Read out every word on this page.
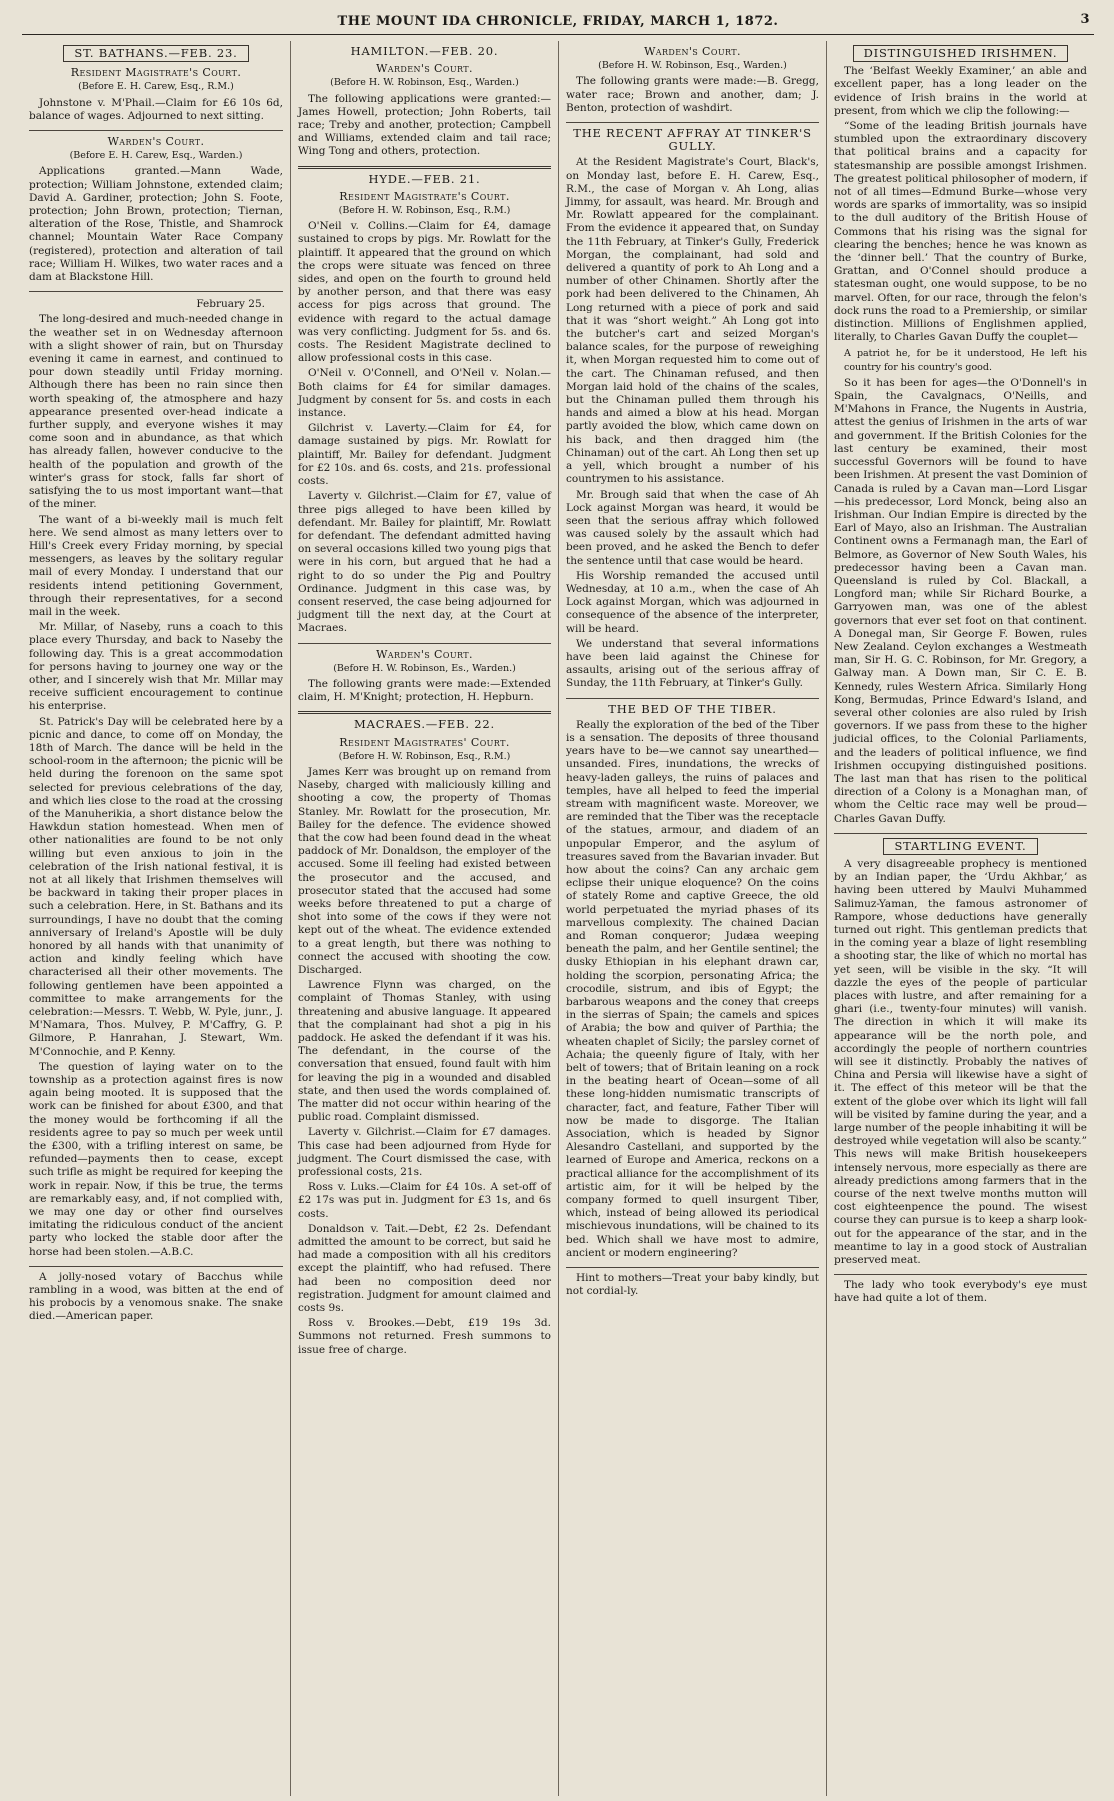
THE MOUNT IDA CHRONICLE, FRIDAY, MARCH 1, 1872.	3
ST. BATHANS.—FEB. 23.
Resident Magistrate's Court.
(Before E. H. Carew, Esq., R.M.)

Johnstone v. M'Phail.—Claim for £6 10s 6d, balance of wages. Adjourned to next sitting.

Warden's Court.
(Before E. H. Carew, Esq., Warden.)

Applications granted.—Mann Wade, protection; William Johnstone, extended claim; David A. Gardiner, protection; John S. Foote, protection; John Brown, protection; Tiernan, alteration of the Rose, Thistle, and Shamrock channel; Mountain Water Race Company (registered), protection and alteration of tail race; William H. Wilkes, two water races and a dam at Blackstone Hill.

February 25.

The long-desired and much-needed change in the weather set in on Wednesday afternoon with a slight shower of rain, but on Thursday evening it came in earnest, and continued to pour down steadily until Friday morning. Although there has been no rain since then worth speaking of, the atmosphere and hazy appearance presented over-head indicate a further supply, and everyone wishes it may come soon and in abundance, as that which has already fallen, however conducive to the health of the population and growth of the winter's grass for stock, falls far short of satisfying the to us most important want—that of the miner.

The want of a bi-weekly mail is much felt here. We send almost as many letters over to Hill's Creek every Friday morning, by special messengers, as leaves by the solitary regular mail of every Monday. I understand that our residents intend petitioning Government, through their representatives, for a second mail in the week.

Mr. Millar, of Naseby, runs a coach to this place every Thursday, and back to Naseby the following day. This is a great accommodation for persons having to journey one way or the other, and I sincerely wish that Mr. Millar may receive sufficient encouragement to continue his enterprise.

St. Patrick's Day will be celebrated here by a picnic and dance, to come off on Monday, the 18th of March. The dance will be held in the school-room in the afternoon; the picnic will be held during the forenoon on the same spot selected for previous celebrations of the day, and which lies close to the road at the crossing of the Manuherikia, a short distance below the Hawkdun station homestead. When men of other nationalities are found to be not only willing but even anxious to join in the celebration of the Irish national festival, it is not at all likely that Irishmen themselves will be backward in taking their proper places in such a celebration. Here, in St. Bathans and its surroundings, I have no doubt that the coming anniversary of Ireland's Apostle will be duly honored by all hands with that unanimity of action and kindly feeling which have characterised all their other movements. The following gentlemen have been appointed a committee to make arrangements for the celebration:—Messrs. T. Webb, W. Pyle, junr., J. M'Namara, Thos. Mulvey, P. M'Caffry, G. P. Gilmore, P. Hanrahan, J. Stewart, Wm. M'Connochie, and P. Kenny.

The question of laying water on to the township as a protection against fires is now again being mooted. It is supposed that the work can be finished for about £300, and that the money would be forthcoming if all the residents agree to pay so much per week until the £300, with a trifling interest on same, be refunded—payments then to cease, except such trifle as might be required for keeping the work in repair. Now, if this be true, the terms are remarkably easy, and, if not complied with, we may one day or other find ourselves imitating the ridiculous conduct of the ancient party who locked the stable door after the horse had been stolen.—A.B.C.

A jolly-nosed votary of Bacchus while rambling in a wood, was bitten at the end of his probocis by a venomous snake. The snake died.—American paper.

HAMILTON.—FEB. 20.
Warden's Court.
(Before H. W. Robinson, Esq., Warden.)

The following applications were granted:—James Howell, protection; John Roberts, tail race; Treby and another, protection; Campbell and Williams, extended claim and tail race; Wing Tong and others, protection.

HYDE.—FEB. 21.
Resident Magistrate's Court.
(Before H. W. Robinson, Esq., R.M.)

O'Neil v. Collins.—Claim for £4, damage sustained to crops by pigs. Mr. Rowlatt for the plaintiff. It appeared that the ground on which the crops were situate was fenced on three sides, and open on the fourth to ground held by another person, and that there was easy access for pigs across that ground. The evidence with regard to the actual damage was very conflicting. Judgment for 5s. and 6s. costs. The Resident Magistrate declined to allow professional costs in this case.

O'Neil v. O'Connell, and O'Neil v. Nolan.—Both claims for £4 for similar damages. Judgment by consent for 5s. and costs in each instance.

Gilchrist v. Laverty.—Claim for £4, for damage sustained by pigs. Mr. Rowlatt for plaintiff, Mr. Bailey for defendant. Judgment for £2 10s. and 6s. costs, and 21s. professional costs.

Laverty v. Gilchrist.—Claim for £7, value of three pigs alleged to have been killed by defendant. Mr. Bailey for plaintiff, Mr. Rowlatt for defendant. The defendant admitted having on several occasions killed two young pigs that were in his corn, but argued that he had a right to do so under the Pig and Poultry Ordinance. Judgment in this case was, by consent reserved, the case being adjourned for judgment till the next day, at the Court at Macraes.

Warden's Court.
(Before H. W. Robinson, Es., Warden.)

The following grants were made:—Extended claim, H. M'Knight; protection, H. Hepburn.

MACRAES.—FEB. 22.
Resident Magistrates' Court.
(Before H. W. Robinson, Esq., R.M.)

James Kerr was brought up on remand from Naseby, charged with maliciously killing and shooting a cow, the property of Thomas Stanley. Mr. Rowlatt for the prosecution, Mr. Bailey for the defence. The evidence showed that the cow had been found dead in the wheat paddock of Mr. Donaldson, the employer of the accused. Some ill feeling had existed between the prosecutor and the accused, and prosecutor stated that the accused had some weeks before threatened to put a charge of shot into some of the cows if they were not kept out of the wheat. The evidence extended to a great length, but there was nothing to connect the accused with shooting the cow. Discharged.

Lawrence Flynn was charged, on the complaint of Thomas Stanley, with using threatening and abusive language. It appeared that the complainant had shot a pig in his paddock. He asked the defendant if it was his. The defendant, in the course of the conversation that ensued, found fault with him for leaving the pig in a wounded and disabled state, and then used the words complained of. The matter did not occur within hearing of the public road. Complaint dismissed.

Laverty v. Gilchrist.—Claim for £7 damages. This case had been adjourned from Hyde for judgment. The Court dismissed the case, with professional costs, 21s.

Ross v. Luks.—Claim for £4 10s. A set-off of £2 17s was put in. Judgment for £3 1s, and 6s costs.

Donaldson v. Tait.—Debt, £2 2s. Defendant admitted the amount to be correct, but said he had made a composition with all his creditors except the plaintiff, who had refused. There had been no composition deed nor registration. Judgment for amount claimed and costs 9s.

Ross v. Brookes.—Debt, £19 19s 3d. Summons not returned. Fresh summons to issue free of charge.

Warden's Court.
(Before H. W. Robinson, Esq., Warden.)

The following grants were made:—B. Gregg, water race; Brown and another, dam; J. Benton, protection of washdirt.

THE RECENT AFFRAY AT TINKER'S GULLY.

At the Resident Magistrate's Court, Black's, on Monday last, before E. H. Carew, Esq., R.M., the case of Morgan v. Ah Long, alias Jimmy, for assault, was heard. Mr. Brough and Mr. Rowlatt appeared for the complainant. From the evidence it appeared that, on Sunday the 11th February, at Tinker's Gully, Frederick Morgan, the complainant, had sold and delivered a quantity of pork to Ah Long and a number of other Chinamen. Shortly after the pork had been delivered to the Chinamen, Ah Long returned with a piece of pork and said that it was “short weight.” Ah Long got into the butcher's cart and seized Morgan's balance scales, for the purpose of reweighing it, when Morgan requested him to come out of the cart. The Chinaman refused, and then Morgan laid hold of the chains of the scales, but the Chinaman pulled them through his hands and aimed a blow at his head. Morgan partly avoided the blow, which came down on his back, and then dragged him (the Chinaman) out of the cart. Ah Long then set up a yell, which brought a number of his countrymen to his assistance.

Mr. Brough said that when the case of Ah Lock against Morgan was heard, it would be seen that the serious affray which followed was caused solely by the assault which had been proved, and he asked the Bench to defer the sentence until that case would be heard.

His Worship remanded the accused until Wednesday, at 10 a.m., when the case of Ah Lock against Morgan, which was adjourned in consequence of the absence of the interpreter, will be heard.

We understand that several informations have been laid against the Chinese for assaults, arising out of the serious affray of Sunday, the 11th February, at Tinker's Gully.

THE BED OF THE TIBER.

Really the exploration of the bed of the Tiber is a sensation. The deposits of three thousand years have to be—we cannot say unearthed—unsanded. Fires, inundations, the wrecks of heavy-laden galleys, the ruins of palaces and temples, have all helped to feed the imperial stream with magnificent waste. Moreover, we are reminded that the Tiber was the receptacle of the statues, armour, and diadem of an unpopular Emperor, and the asylum of treasures saved from the Bavarian invader. But how about the coins? Can any archaic gem eclipse their unique eloquence? On the coins of stately Rome and captive Greece, the old world perpetuated the myriad phases of its marvellous complexity. The chained Dacian and Roman conqueror; Judæa weeping beneath the palm, and her Gentile sentinel; the dusky Ethiopian in his elephant drawn car, holding the scorpion, personating Africa; the crocodile, sistrum, and ibis of Egypt; the barbarous weapons and the coney that creeps in the sierras of Spain; the camels and spices of Arabia; the bow and quiver of Parthia; the wheaten chaplet of Sicily; the parsley cornet of Achaia; the queenly figure of Italy, with her belt of towers; that of Britain leaning on a rock in the beating heart of Ocean—some of all these long-hidden numismatic transcripts of character, fact, and feature, Father Tiber will now be made to disgorge. The Italian Association, which is headed by Signor Alesandro Castellani, and supported by the learned of Europe and America, reckons on a practical alliance for the accomplishment of its artistic aim, for it will be helped by the company formed to quell insurgent Tiber, which, instead of being allowed its periodical mischievous inundations, will be chained to its bed. Which shall we have most to admire, ancient or modern engineering?

Hint to mothers—Treat your baby kindly, but not cordial-ly.

DISTINGUISHED IRISHMEN.

The ‘Belfast Weekly Examiner,’ an able and excellent paper, has a long leader on the evidence of Irish brains in the world at present, from which we clip the following:—

“Some of the leading British journals have stumbled upon the extraordinary discovery that political brains and a capacity for statesmanship are possible amongst Irishmen. The greatest political philosopher of modern, if not of all times—Edmund Burke—whose very words are sparks of immortality, was so insipid to the dull auditory of the British House of Commons that his rising was the signal for clearing the benches; hence he was known as the ‘dinner bell.’ That the country of Burke, Grattan, and O'Connel should produce a statesman ought, one would suppose, to be no marvel. Often, for our race, through the felon's dock runs the road to a Premiership, or similar distinction. Millions of Englishmen applied, literally, to Charles Gavan Duffy the couplet—

A patriot he, for be it understood, He left his country for his country's good.

So it has been for ages—the O'Donnell's in Spain, the Cavalgnacs, O'Neills, and M'Mahons in France, the Nugents in Austria, attest the genius of Irishmen in the arts of war and government. If the British Colonies for the last century be examined, their most successful Governors will be found to have been Irishmen. At present the vast Dominion of Canada is ruled by a Cavan man—Lord Lisgar—his predecessor, Lord Monck, being also an Irishman. Our Indian Empire is directed by the Earl of Mayo, also an Irishman. The Australian Continent owns a Fermanagh man, the Earl of Belmore, as Governor of New South Wales, his predecessor having been a Cavan man. Queensland is ruled by Col. Blackall, a Longford man; while Sir Richard Bourke, a Garryowen man, was one of the ablest governors that ever set foot on that continent. A Donegal man, Sir George F. Bowen, rules New Zealand. Ceylon exchanges a Westmeath man, Sir H. G. C. Robinson, for Mr. Gregory, a Galway man. A Down man, Sir C. E. B. Kennedy, rules Western Africa. Similarly Hong Kong, Bermudas, Prince Edward's Island, and several other colonies are also ruled by Irish governors. If we pass from these to the higher judicial offices, to the Colonial Parliaments, and the leaders of political influence, we find Irishmen occupying distinguished positions. The last man that has risen to the political direction of a Colony is a Monaghan man, of whom the Celtic race may well be proud—Charles Gavan Duffy.

STARTLING EVENT.

A very disagreeable prophecy is mentioned by an Indian paper, the ‘Urdu Akhbar,’ as having been uttered by Maulvi Muhammed Salimuz-Yaman, the famous astronomer of Rampore, whose deductions have generally turned out right. This gentleman predicts that in the coming year a blaze of light resembling a shooting star, the like of which no mortal has yet seen, will be visible in the sky. “It will dazzle the eyes of the people of particular places with lustre, and after remaining for a ghari (i.e., twenty-four minutes) will vanish. The direction in which it will make its appearance will be the north pole, and accordingly the people of northern countries will see it distinctly. Probably the natives of China and Persia will likewise have a sight of it. The effect of this meteor will be that the extent of the globe over which its light will fall will be visited by famine during the year, and a large number of the people inhabiting it will be destroyed while vegetation will also be scanty.” This news will make British housekeepers intensely nervous, more especially as there are already predictions among farmers that in the course of the next twelve months mutton will cost eighteenpence the pound. The wisest course they can pursue is to keep a sharp look-out for the appearance of the star, and in the meantime to lay in a good stock of Australian preserved meat.

The lady who took everybody's eye must have had quite a lot of them.
